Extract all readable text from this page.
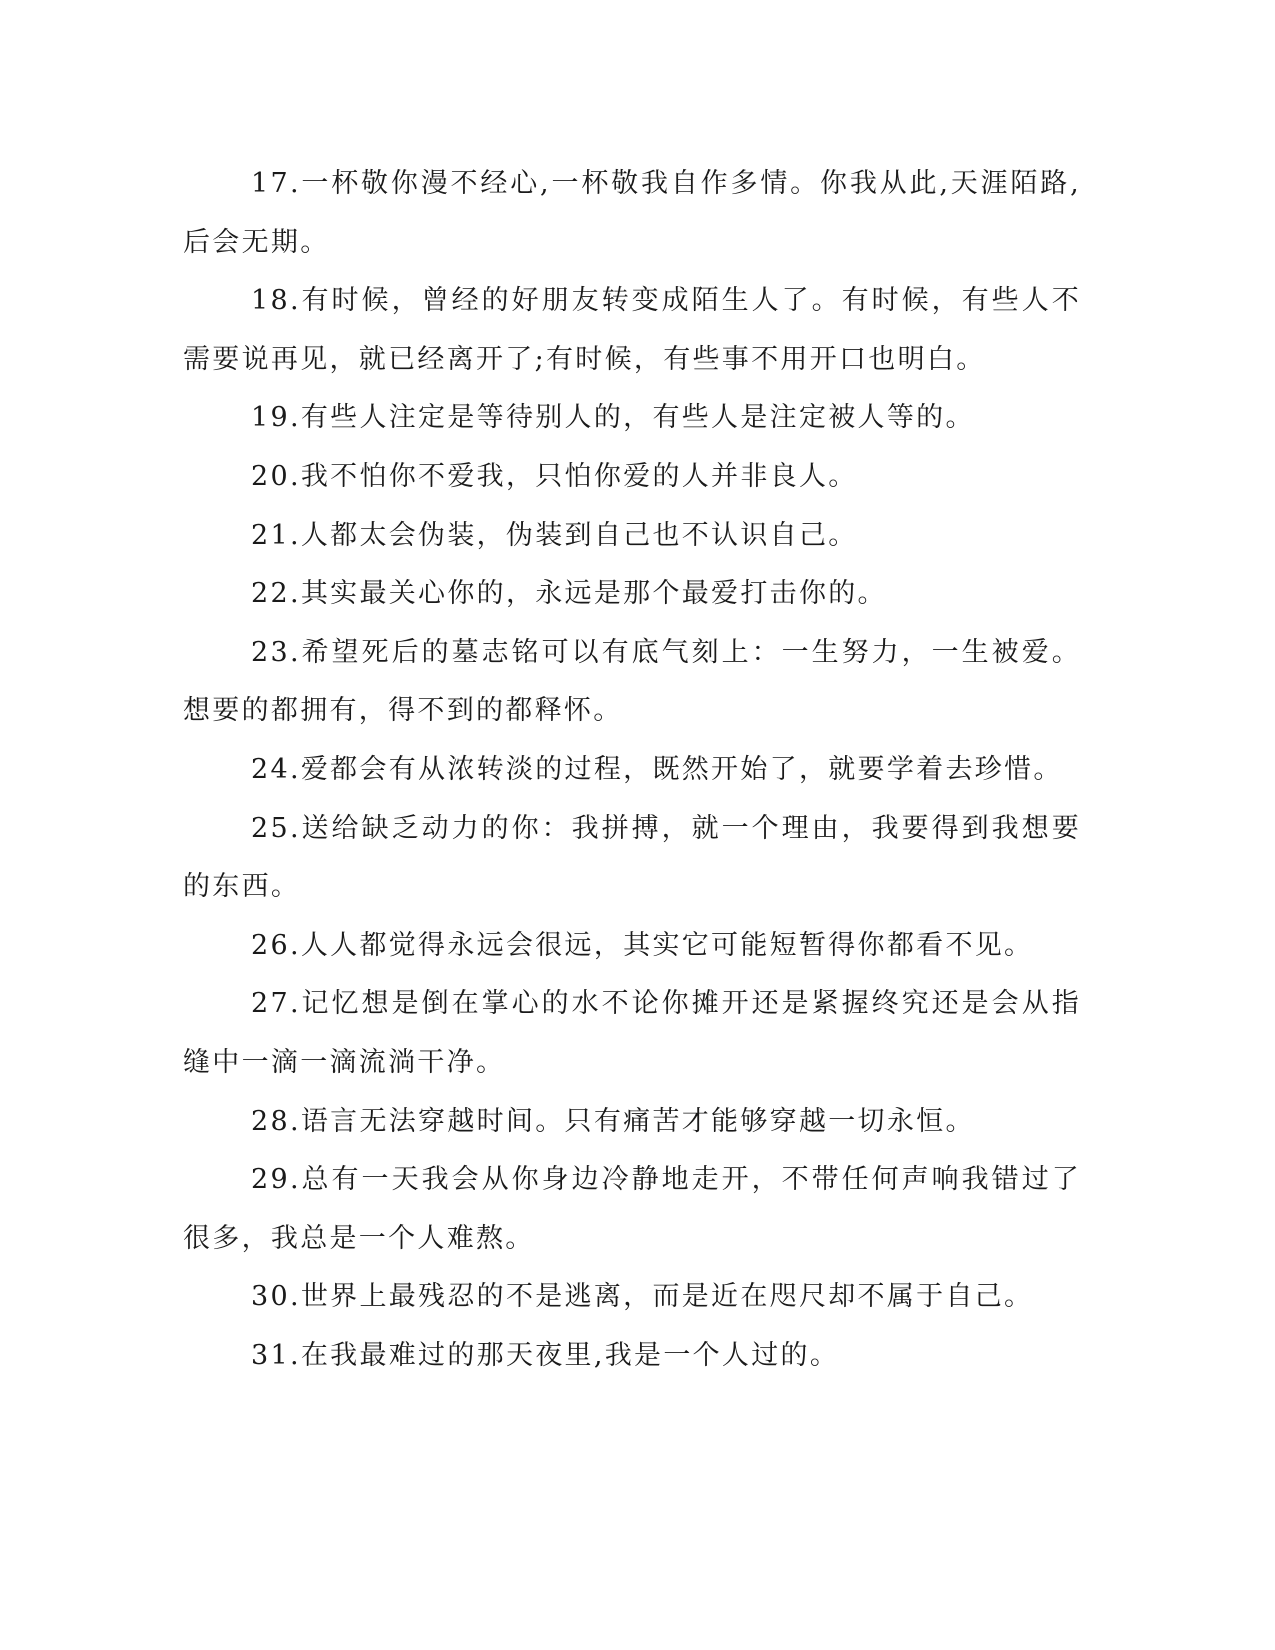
17.一杯敬你漫不经心,一杯敬我自作多情。你我从此,天涯陌路,后会无期。

18.有时候，曾经的好朋友转变成陌生人了。有时候，有些人不需要说再见，就已经离开了;有时候，有些事不用开口也明白。

19.有些人注定是等待别人的，有些人是注定被人等的。

20.我不怕你不爱我，只怕你爱的人并非良人。

21.人都太会伪装，伪装到自己也不认识自己。

22.其实最关心你的，永远是那个最爱打击你的。

23.希望死后的墓志铭可以有底气刻上：一生努力，一生被爱。想要的都拥有，得不到的都释怀。

24.爱都会有从浓转淡的过程，既然开始了，就要学着去珍惜。

25.送给缺乏动力的你：我拼搏，就一个理由，我要得到我想要的东西。

26.人人都觉得永远会很远，其实它可能短暂得你都看不见。

27.记忆想是倒在掌心的水不论你摊开还是紧握终究还是会从指缝中一滴一滴流淌干净。

28.语言无法穿越时间。只有痛苦才能够穿越一切永恒。

29.总有一天我会从你身边冷静地走开，不带任何声响我错过了很多，我总是一个人难熬。

30.世界上最残忍的不是逃离，而是近在咫尺却不属于自己。

31.在我最难过的那天夜里,我是一个人过的。
